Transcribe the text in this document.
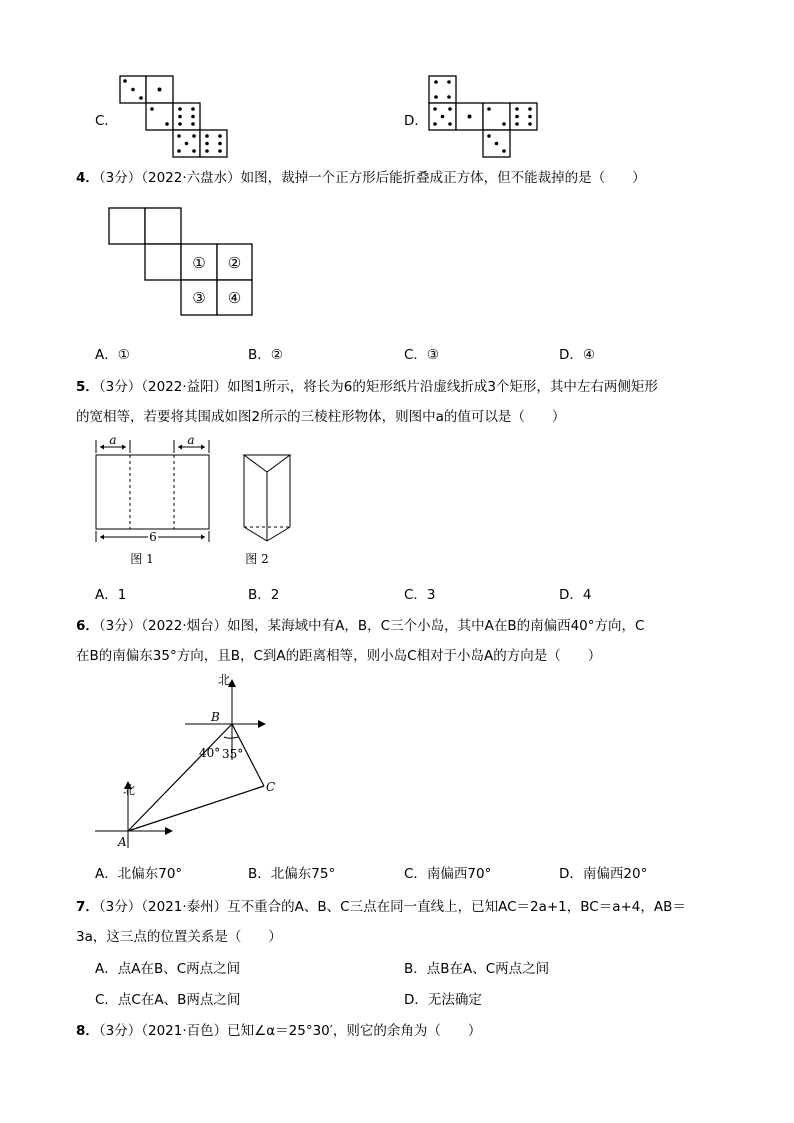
C．	D．
4．（3分）（2022·六盘水）如图，裁掉一个正方形后能折叠成正方体，但不能裁掉的是（　　）
① ②
③ ④
A．①	B．②	C．③	D．④
5．（3分）（2022·益阳）如图1所示，将长为6的矩形纸片沿虚线折成3个矩形，其中左右两侧矩形
的宽相等，若要将其围成如图2所示的三棱柱形物体，则图中a的值可以是（　　）
a	a
6
图 1	图 2
A．1	B．2	C．3	D．4
6．（3分）（2022·烟台）如图，某海域中有A，B，C三个小岛，其中A在B的南偏西40°方向，C
在B的南偏东35°方向，且B，C到A的距离相等，则小岛C相对于小岛A的方向是（　　）
B
北
北
A
C
40° 35°
A．北偏东70°	B．北偏东75°	C．南偏西70°	D．南偏西20°
7．（3分）（2021·泰州）互不重合的A、B、C三点在同一直线上，已知AC＝2a+1，BC＝a+4，AB＝
3a，这三点的位置关系是（　　）
A．点A在B、C两点之间	B．点B在A、C两点之间
C．点C在A、B两点之间	D．无法确定
8．（3分）（2021·百色）已知∠α＝25°30′，则它的余角为（　　）
